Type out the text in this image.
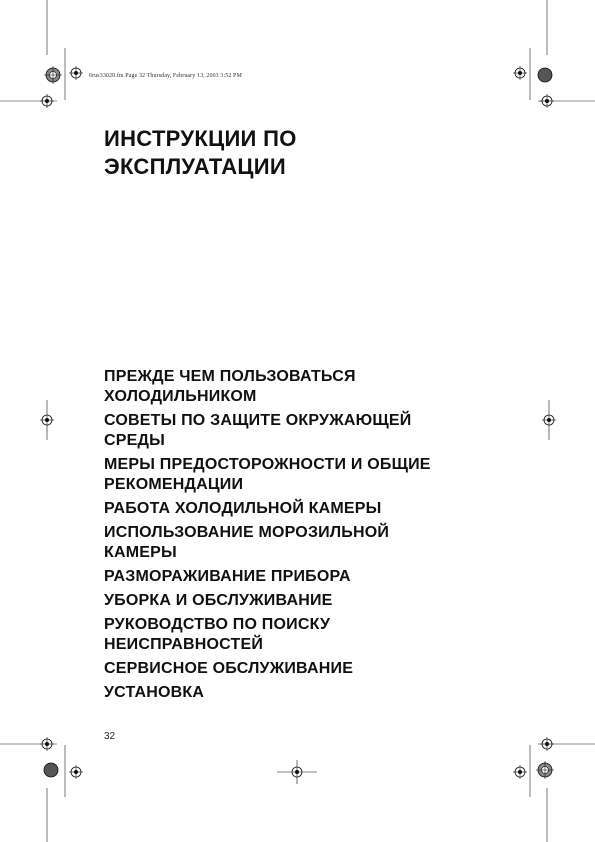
6rus33020.fm Page 32 Thursday, February 13, 2003 3:52 PM
ИНСТРУКЦИИ ПО
ЭКСПЛУАТАЦИИ
ПРЕЖДЕ ЧЕМ ПОЛЬЗОВАТЬСЯ
ХОЛОДИЛЬНИКОМ
СОВЕТЫ ПО ЗАЩИТЕ ОКРУЖАЮЩЕЙ
СРЕДЫ
МЕРЫ ПРЕДОСТОРОЖНОСТИ И ОБЩИЕ
РЕКОМЕНДАЦИИ
РАБОТА ХОЛОДИЛЬНОЙ КАМЕРЫ
ИСПОЛЬЗОВАНИЕ МОРОЗИЛЬНОЙ
КАМЕРЫ
РАЗМОРАЖИВАНИЕ ПРИБОРА
УБОРКА И ОБСЛУЖИВАНИЕ
РУКОВОДСТВО ПО ПОИСКУ
НЕИСПРАВНОСТЕЙ
СЕРВИСНОЕ ОБСЛУЖИВАНИЕ
УСТАНОВКА
32
